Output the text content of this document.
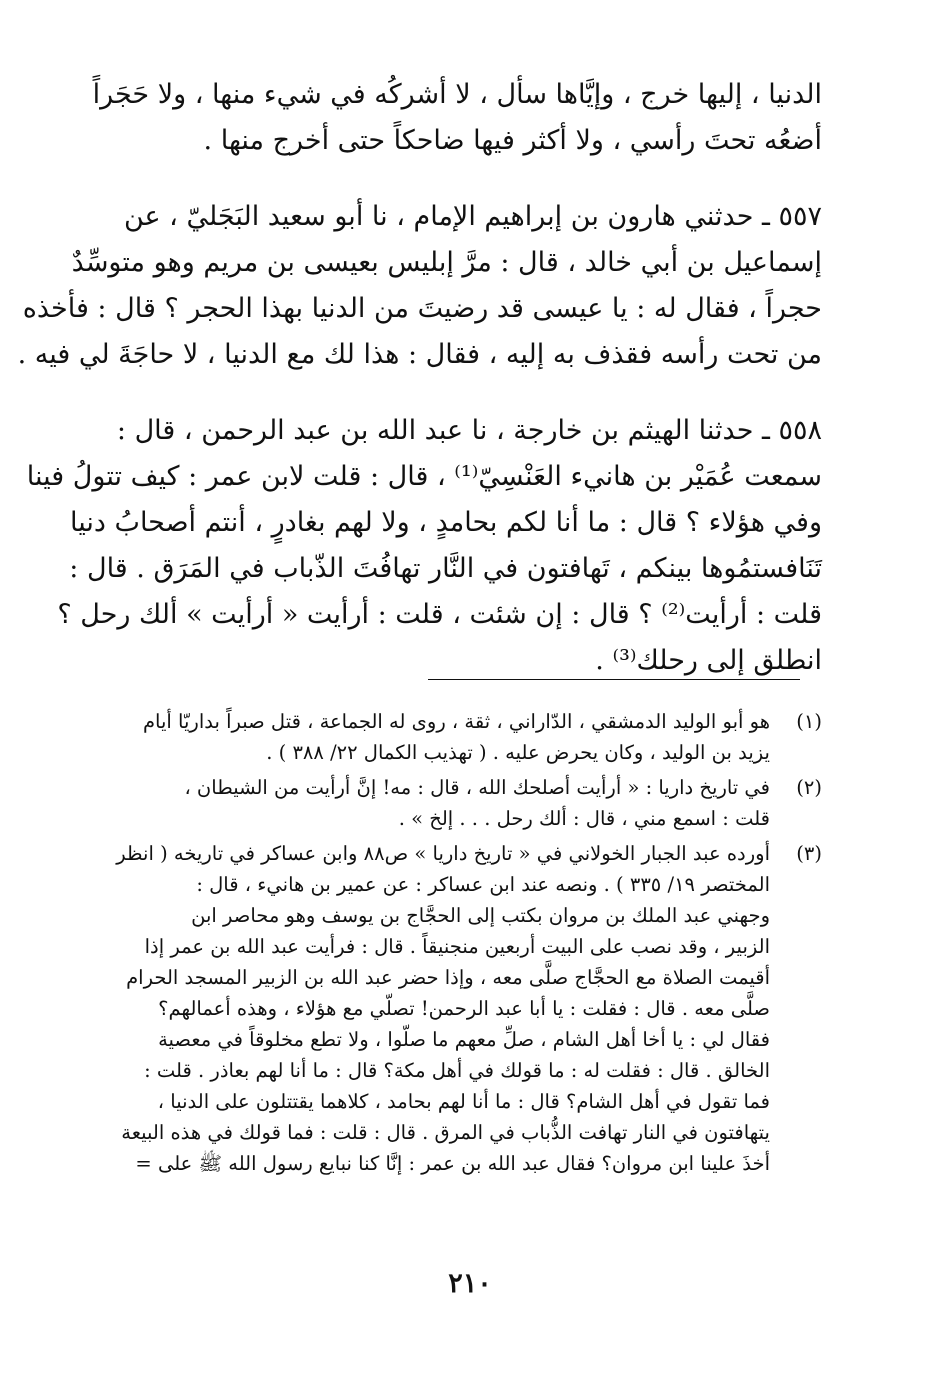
الدنيا ، إليها خرج ، وإيَّاها سأل ، لا أشركُه في شيء منها ، ولا حَجَراً
أضعُه تحتَ رأسي ، ولا أكثر فيها ضاحكاً حتى أخرج منها .

٥٥٧ ـ حدثني هارون بن إبراهيم الإمام ، نا أبو سعيد البَجَليّ ، عن
إسماعيل بن أبي خالد ، قال : مرَّ إبليس بعيسى بن مريم وهو متوسِّدٌ
حجراً ، فقال له : يا عيسى قد رضيتَ من الدنيا بهذا الحجر ؟ قال : فأخذه
من تحت رأسه فقذف به إليه ، فقال : هذا لك مع الدنيا ، لا حاجَةَ لي فيه .

٥٥٨ ـ حدثنا الهيثم بن خارجة ، نا عبد الله بن عبد الرحمن ، قال :
سمعت عُمَيْر بن هانيء العَنْسِيّ⁽¹⁾ ، قال : قلت لابن عمر : كيف تتولُ فينا
وفي هؤلاء ؟ قال : ما أنا لكم بحامدٍ ، ولا لهم بغادرٍ ، أنتم أصحابُ دنيا
تَنَافستمُوها بينكم ، تَهافتون في النَّار تهافُتَ الذّباب في المَرَق . قال :
قلت : أرأيت⁽²⁾ ؟ قال : إن شئت ، قلت : أرأيت « أرأيت » ألك رحل ؟
انطلق إلى رحلك⁽³⁾ .

(١)
هو أبو الوليد الدمشقي ، الدّاراني ، ثقة ، روى له الجماعة ، قتل صبراً بداريّا أيام
يزيد بن الوليد ، وكان يحرض عليه . ( تهذيب الكمال ٢٢/ ٣٨٨ ) .
(٢)
في تاريخ داريا : « أرأيت أصلحك الله ، قال : مه! إنَّ أرأيت من الشيطان ،
قلت : اسمع مني ، قال : ألك رحل . . . إلخ » .
(٣)
أورده عبد الجبار الخولاني في « تاريخ داريا » ص٨٨ وابن عساكر في تاريخه ( انظر
المختصر ١٩/ ٣٣٥ ) . ونصه عند ابن عساكر : عن عمير بن هانيء ، قال :
وجهني عبد الملك بن مروان بكتب إلى الحجَّاج بن يوسف وهو محاصر ابن
الزبير ، وقد نصب على البيت أربعين منجنيقاً . قال : فرأيت عبد الله بن عمر إذا
أقيمت الصلاة مع الحجَّاج صلَّى معه ، وإذا حضر عبد الله بن الزبير المسجد الحرام
صلَّى معه . قال : فقلت : يا أبا عبد الرحمن! تصلّي مع هؤلاء ، وهذه أعمالهم؟
فقال لي : يا أخا أهل الشام ، صلِّ معهم ما صلّوا ، ولا تطع مخلوقاً في معصية
الخالق . قال : فقلت له : ما قولك في أهل مكة؟ قال : ما أنا لهم بعاذر . قلت :
فما تقول في أهل الشام؟ قال : ما أنا لهم بحامد ، كلاهما يقتتلون على الدنيا ،
يتهافتون في النار تهافت الذُّباب في المرق . قال : قلت : فما قولك في هذه البيعة
أخذَ علينا ابن مروان؟ فقال عبد الله بن عمر : إنَّا كنا نبايع رسول الله ﷺ على =
٢١٠
